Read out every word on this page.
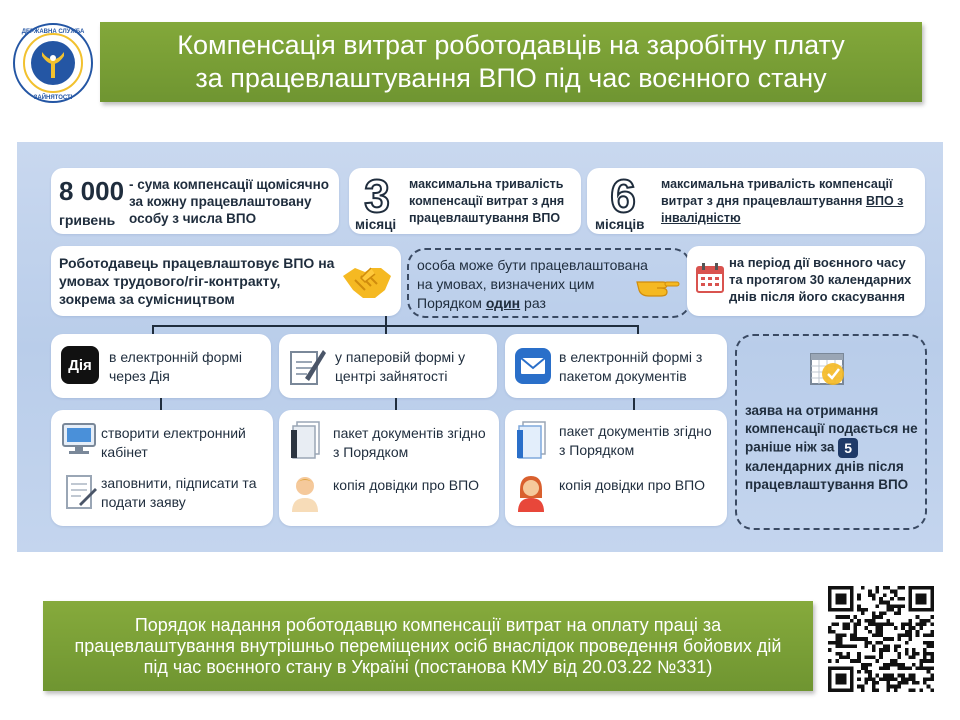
ДЕРЖАВНА СЛУЖБА
ЗАЙНЯТОСТІ
Компенсація витрат роботодавців на заробітну плату
за працевлаштування ВПО під час воєнного стану
8 000
гривень
- сума компенсації щомісячно за кожну працевлаштовану особу з числа ВПО	3
місяці
максимальна тривалість компенсації витрат з дня працевлаштування ВПО	6
місяців
максимальна тривалість компенсації витрат з дня працевлаштування ВПО з інвалідністю
Роботодавець працевлаштовує ВПО на умовах трудового/гіг-контракту, зокрема за сумісництвом
особа може бути працевлаштована на умовах, визначених цим Порядком один раз
на період дії воєнного часу та протягом 30 календарних днів після його скасування
Дія в електронній формі через Дія
у паперовій формі у центрі зайнятості
в електронній формі з пакетом документів
заява на отримання компенсації подається не раніше ніж за 5 календарних днів після працевлаштування ВПО
створити електронний кабінет
заповнити, підписати та подати заяву
пакет документів згідно з Порядком
копія довідки про ВПО
пакет документів згідно з Порядком
копія довідки про ВПО
Порядок надання роботодавцю компенсації витрат на оплату праці за працевлаштування внутрішньо переміщених осіб внаслідок проведення бойових дій під час воєнного стану в Україні (постанова КМУ від 20.03.22 №331)
